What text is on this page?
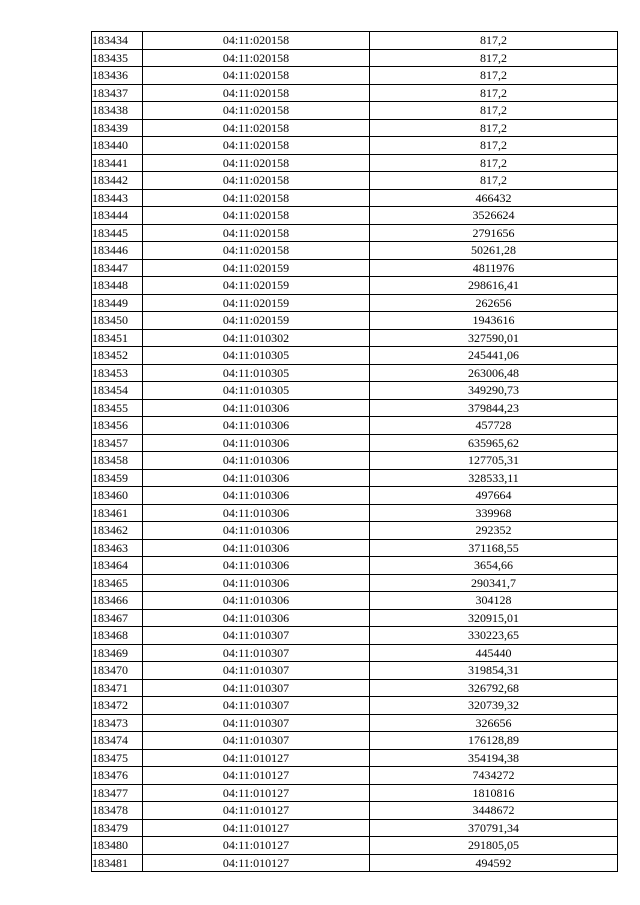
183434	04:11:020158	817,2
183435	04:11:020158	817,2
183436	04:11:020158	817,2
183437	04:11:020158	817,2
183438	04:11:020158	817,2
183439	04:11:020158	817,2
183440	04:11:020158	817,2
183441	04:11:020158	817,2
183442	04:11:020158	817,2
183443	04:11:020158	466432
183444	04:11:020158	3526624
183445	04:11:020158	2791656
183446	04:11:020158	50261,28
183447	04:11:020159	4811976
183448	04:11:020159	298616,41
183449	04:11:020159	262656
183450	04:11:020159	1943616
183451	04:11:010302	327590,01
183452	04:11:010305	245441,06
183453	04:11:010305	263006,48
183454	04:11:010305	349290,73
183455	04:11:010306	379844,23
183456	04:11:010306	457728
183457	04:11:010306	635965,62
183458	04:11:010306	127705,31
183459	04:11:010306	328533,11
183460	04:11:010306	497664
183461	04:11:010306	339968
183462	04:11:010306	292352
183463	04:11:010306	371168,55
183464	04:11:010306	3654,66
183465	04:11:010306	290341,7
183466	04:11:010306	304128
183467	04:11:010306	320915,01
183468	04:11:010307	330223,65
183469	04:11:010307	445440
183470	04:11:010307	319854,31
183471	04:11:010307	326792,68
183472	04:11:010307	320739,32
183473	04:11:010307	326656
183474	04:11:010307	176128,89
183475	04:11:010127	354194,38
183476	04:11:010127	7434272
183477	04:11:010127	1810816
183478	04:11:010127	3448672
183479	04:11:010127	370791,34
183480	04:11:010127	291805,05
183481	04:11:010127	494592
